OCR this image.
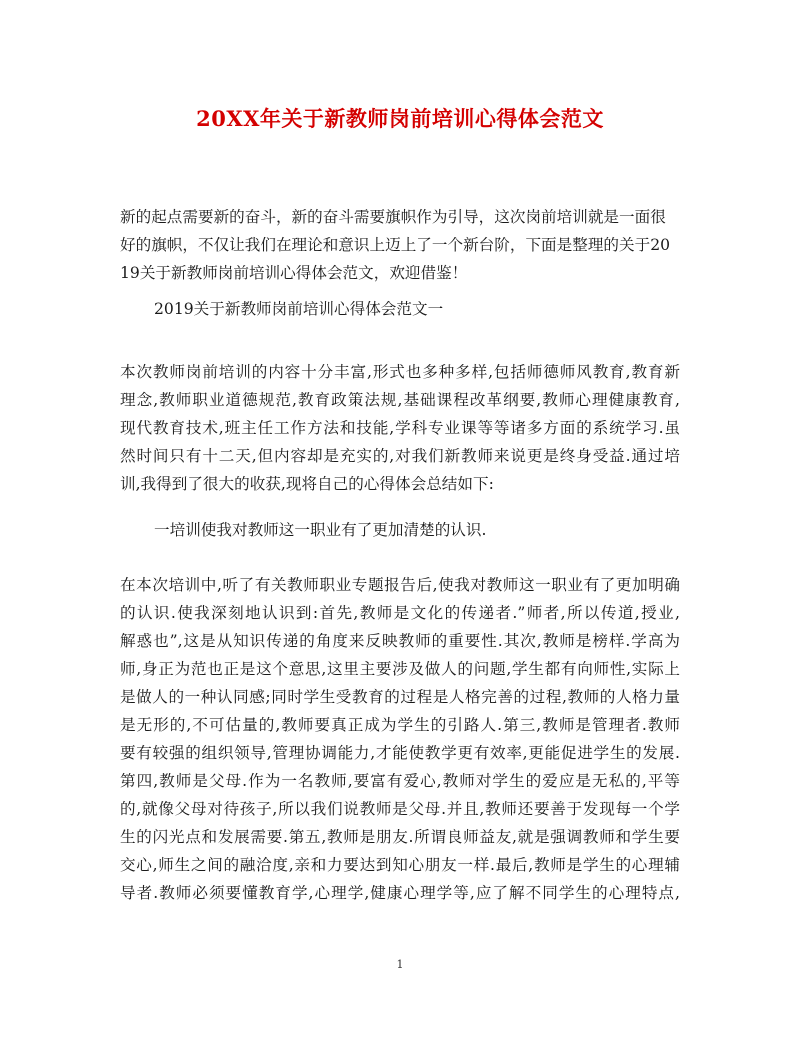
20XX年关于新教师岗前培训心得体会范文
新的起点需要新的奋斗，新的奋斗需要旗帜作为引导，这次岗前培训就是一面很
好的旗帜，不仅让我们在理论和意识上迈上了一个新台阶，下面是整理的关于20
19关于新教师岗前培训心得体会范文，欢迎借鉴！
2019关于新教师岗前培训心得体会范文一
本次教师岗前培训的内容十分丰富,形式也多种多样,包括师德师风教育,教育新
理念,教师职业道德规范,教育政策法规,基础课程改革纲要,教师心理健康教育,
现代教育技术,班主任工作方法和技能,学科专业课等等诸多方面的系统学习.虽
然时间只有十二天,但内容却是充实的,对我们新教师来说更是终身受益.通过培
训,我得到了很大的收获,现将自己的心得体会总结如下:
一培训使我对教师这一职业有了更加清楚的认识.
在本次培训中,听了有关教师职业专题报告后,使我对教师这一职业有了更加明确
的认识.使我深刻地认识到:首先,教师是文化的传递者.”师者,所以传道,授业,
解惑也”,这是从知识传递的角度来反映教师的重要性.其次,教师是榜样.学高为
师,身正为范也正是这个意思,这里主要涉及做人的问题,学生都有向师性,实际上
是做人的一种认同感;同时学生受教育的过程是人格完善的过程,教师的人格力量
是无形的,不可估量的,教师要真正成为学生的引路人.第三,教师是管理者.教师
要有较强的组织领导,管理协调能力,才能使教学更有效率,更能促进学生的发展.
第四,教师是父母.作为一名教师,要富有爱心,教师对学生的爱应是无私的,平等
的,就像父母对待孩子,所以我们说教师是父母.并且,教师还要善于发现每一个学
生的闪光点和发展需要.第五,教师是朋友.所谓良师益友,就是强调教师和学生要
交心,师生之间的融洽度,亲和力要达到知心朋友一样.最后,教师是学生的心理辅
导者.教师必须要懂教育学,心理学,健康心理学等,应了解不同学生的心理特点,
1
